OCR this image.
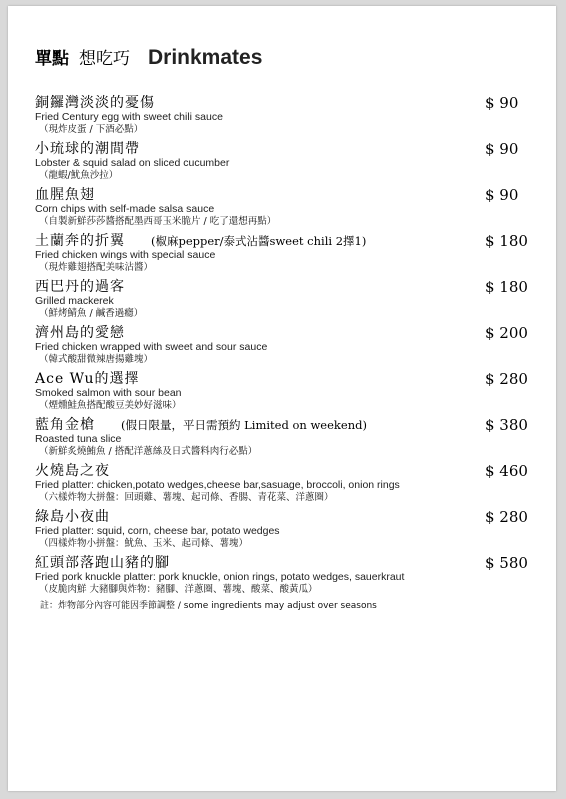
單點 想吃巧 Drinkmates
銅鑼灣淡淡的憂傷	$ 90
Fried Century egg with sweet chili sauce
（現炸皮蛋 / 下酒必點）
小琉球的潮間帶	$ 90
Lobster & squid salad on sliced cucumber
（龍蝦/魷魚沙拉）
血腥魚翅	$ 90
Corn chips with self-made salsa sauce
（自製新鮮莎莎醬搭配墨西哥玉米脆片 / 吃了還想再點）
土蘭奔的折翼 (椒麻pepper/泰式沾醬sweet chili 2擇1)	$ 180
Fried chicken wings with special sauce
（現炸雞翅搭配美味沾醬）
西巴丹的過客	$ 180
Grilled mackerek
（鮮烤鯖魚 / 鹹香過癮）
濟州島的愛戀	$ 200
Fried chicken wrapped with sweet and sour sauce
（韓式酸甜微辣唐揚雞塊）
Ace Wu的選擇	$ 280
Smoked salmon with sour bean
（煙燻鮭魚搭配酸豆美妙好滋味）
藍角金槍 (假日限量，平日需預約 Limited on weekend)	$ 380
Roasted tuna slice
（新鮮炙燒鮪魚 / 搭配洋蔥絲及日式醬料肉行必點）
火燒島之夜	$ 460
Fried platter: chicken,potato wedges,cheese bar,sasuage, broccoli, onion rings
（六樣炸物大拼盤：回頭雞、薯塊、起司條、香腸、青花菜、洋蔥圈）
綠島小夜曲	$ 280
Fried platter: squid, corn, cheese bar, potato wedges
（四樣炸物小拼盤：魷魚、玉米、起司條、薯塊）
紅頭部落跑山豬的腳	$ 580
Fried pork knuckle platter: pork knuckle, onion rings, potato wedges, sauerkraut
（皮脆肉鮮 大豬腳與炸物：豬腳、洋蔥圈、薯塊、酸菜、酸黃瓜）
註：炸物部分內容可能因季節調整 / some ingredients may adjust over seasons
